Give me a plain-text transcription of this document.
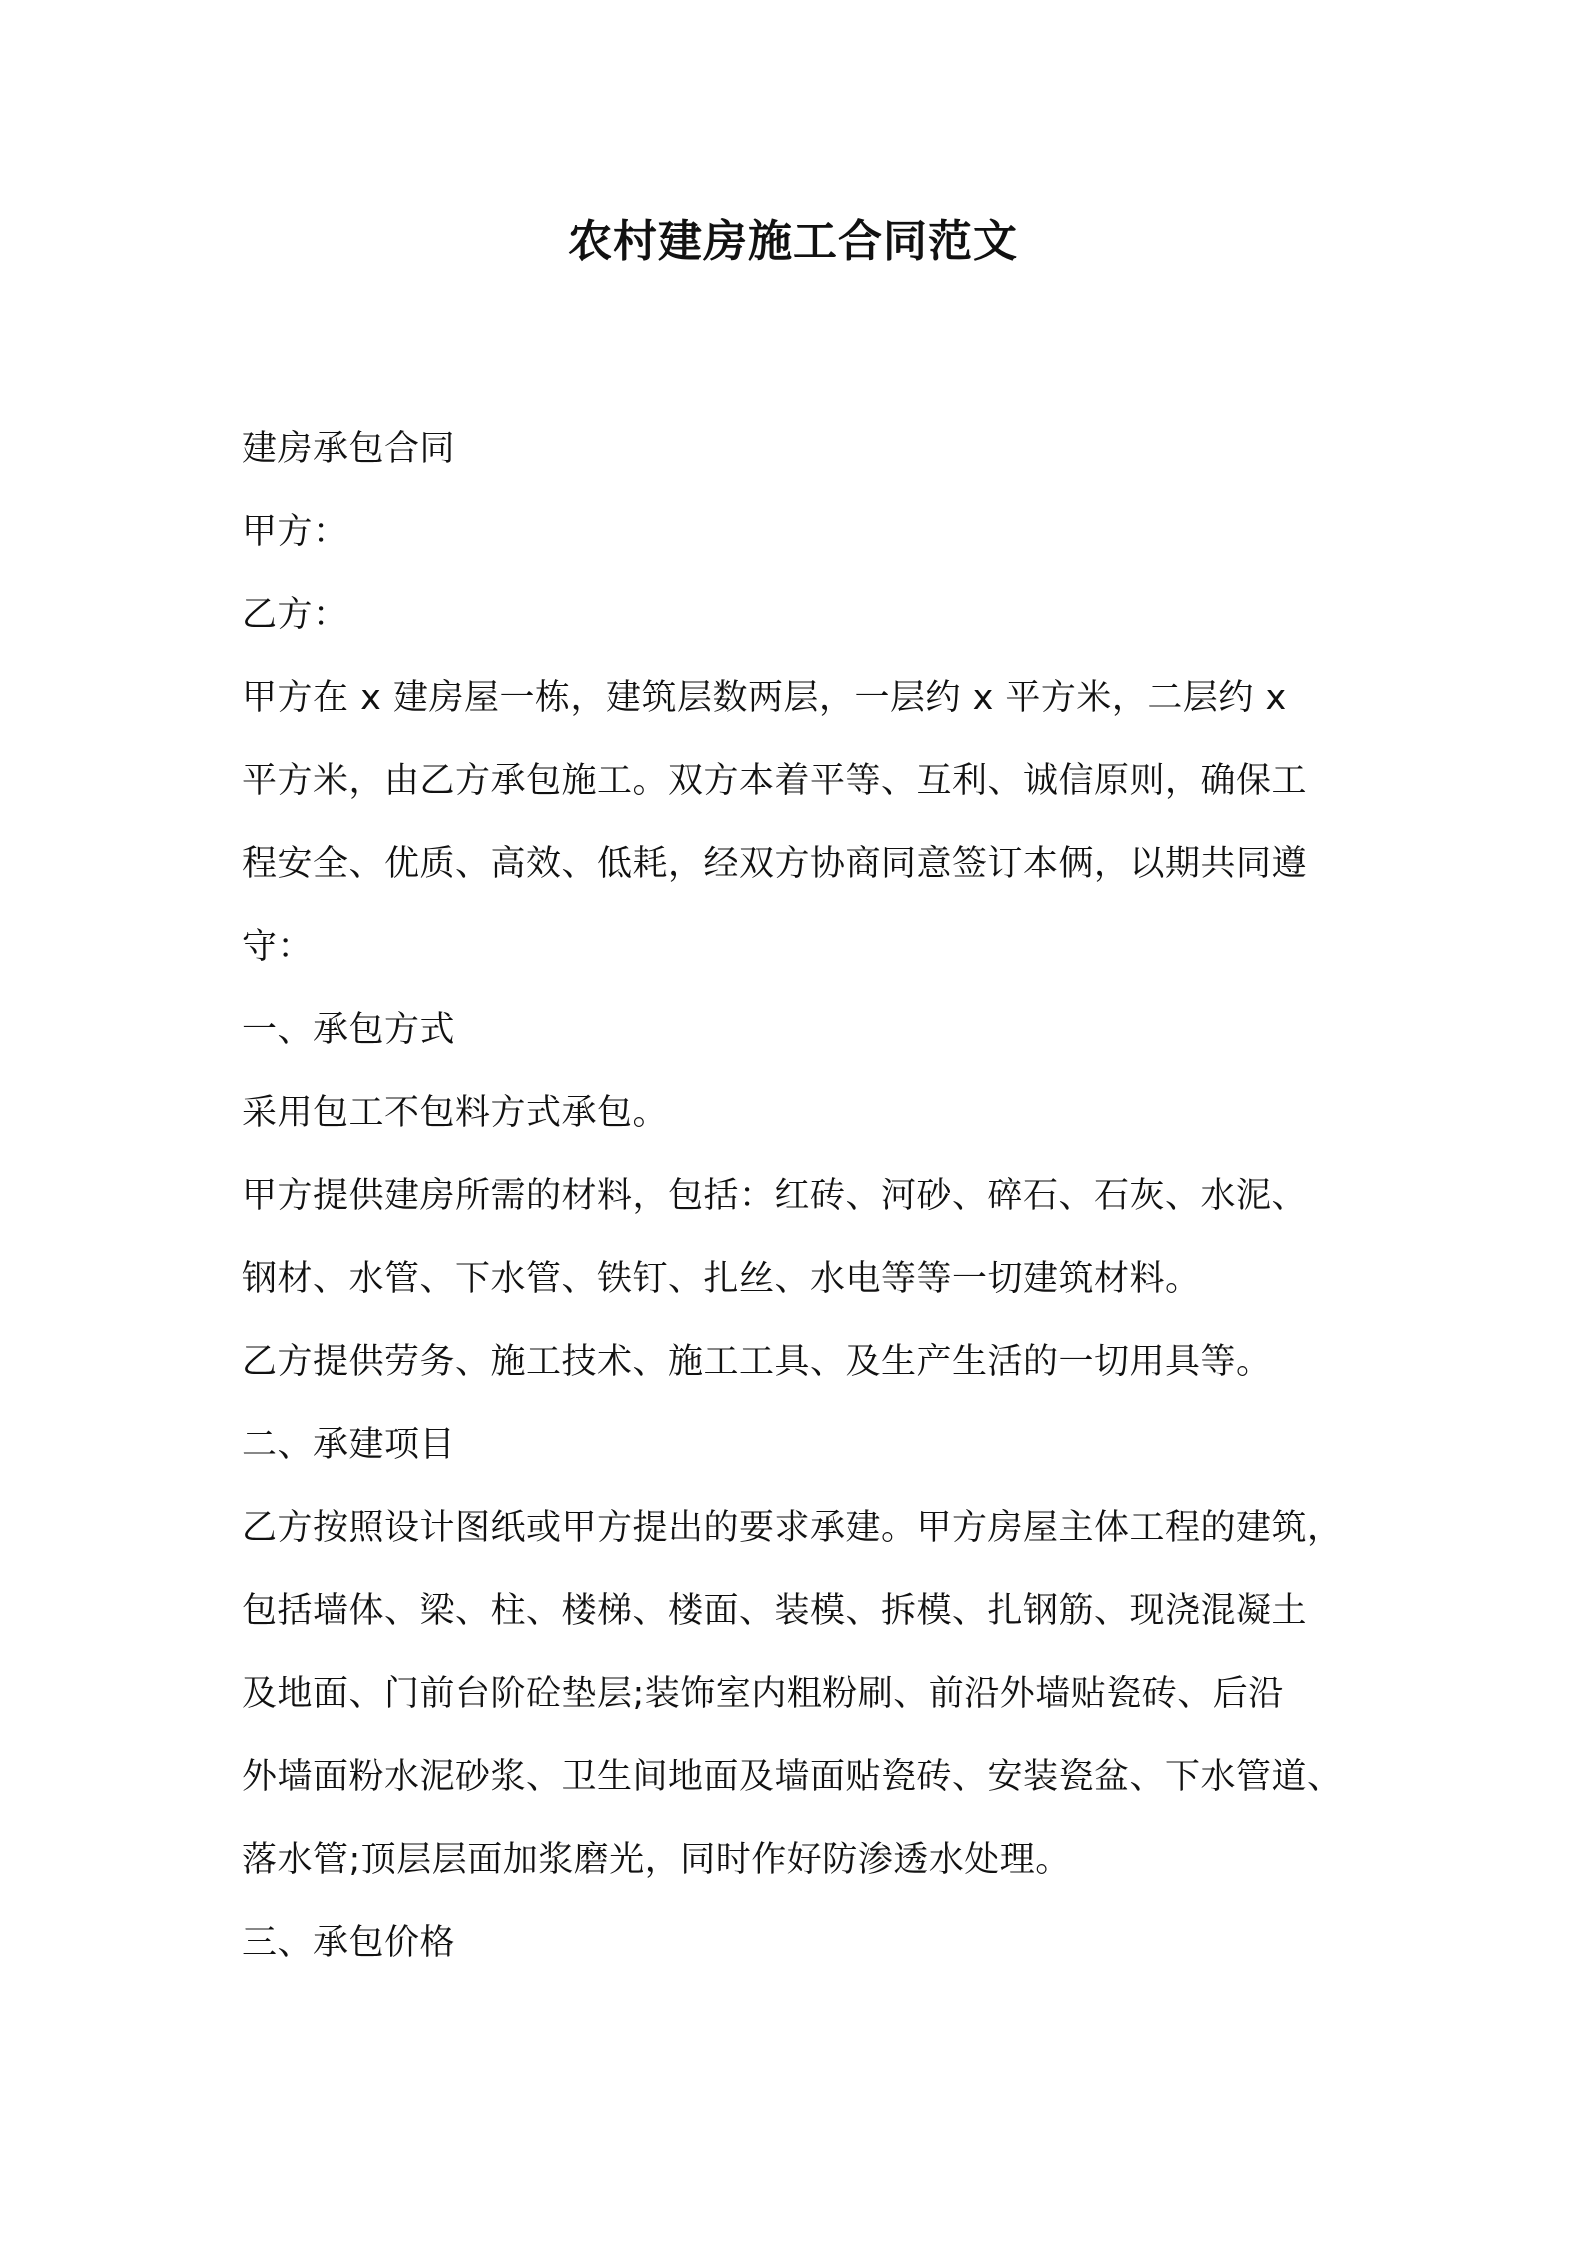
农村建房施工合同范文
建房承包合同
甲方：
乙方：
甲方在 x 建房屋一栋，建筑层数两层，一层约 x 平方米，二层约 x
平方米，由乙方承包施工。双方本着平等、互利、诚信原则，确保工
程安全、优质、高效、低耗，经双方协商同意签订本俩，以期共同遵
守：
一、承包方式
采用包工不包料方式承包。
甲方提供建房所需的材料，包括：红砖、河砂、碎石、石灰、水泥、
钢材、水管、下水管、铁钉、扎丝、水电等等一切建筑材料。
乙方提供劳务、施工技术、施工工具、及生产生活的一切用具等。
二、承建项目
乙方按照设计图纸或甲方提出的要求承建。甲方房屋主体工程的建筑，
包括墙体、梁、柱、楼梯、楼面、装模、拆模、扎钢筋、现浇混凝土
及地面、门前台阶砼垫层;装饰室内粗粉刷、前沿外墙贴瓷砖、后沿
外墙面粉水泥砂浆、卫生间地面及墙面贴瓷砖、安装瓷盆、下水管道、
落水管;顶层层面加浆磨光，同时作好防渗透水处理。
三、承包价格
